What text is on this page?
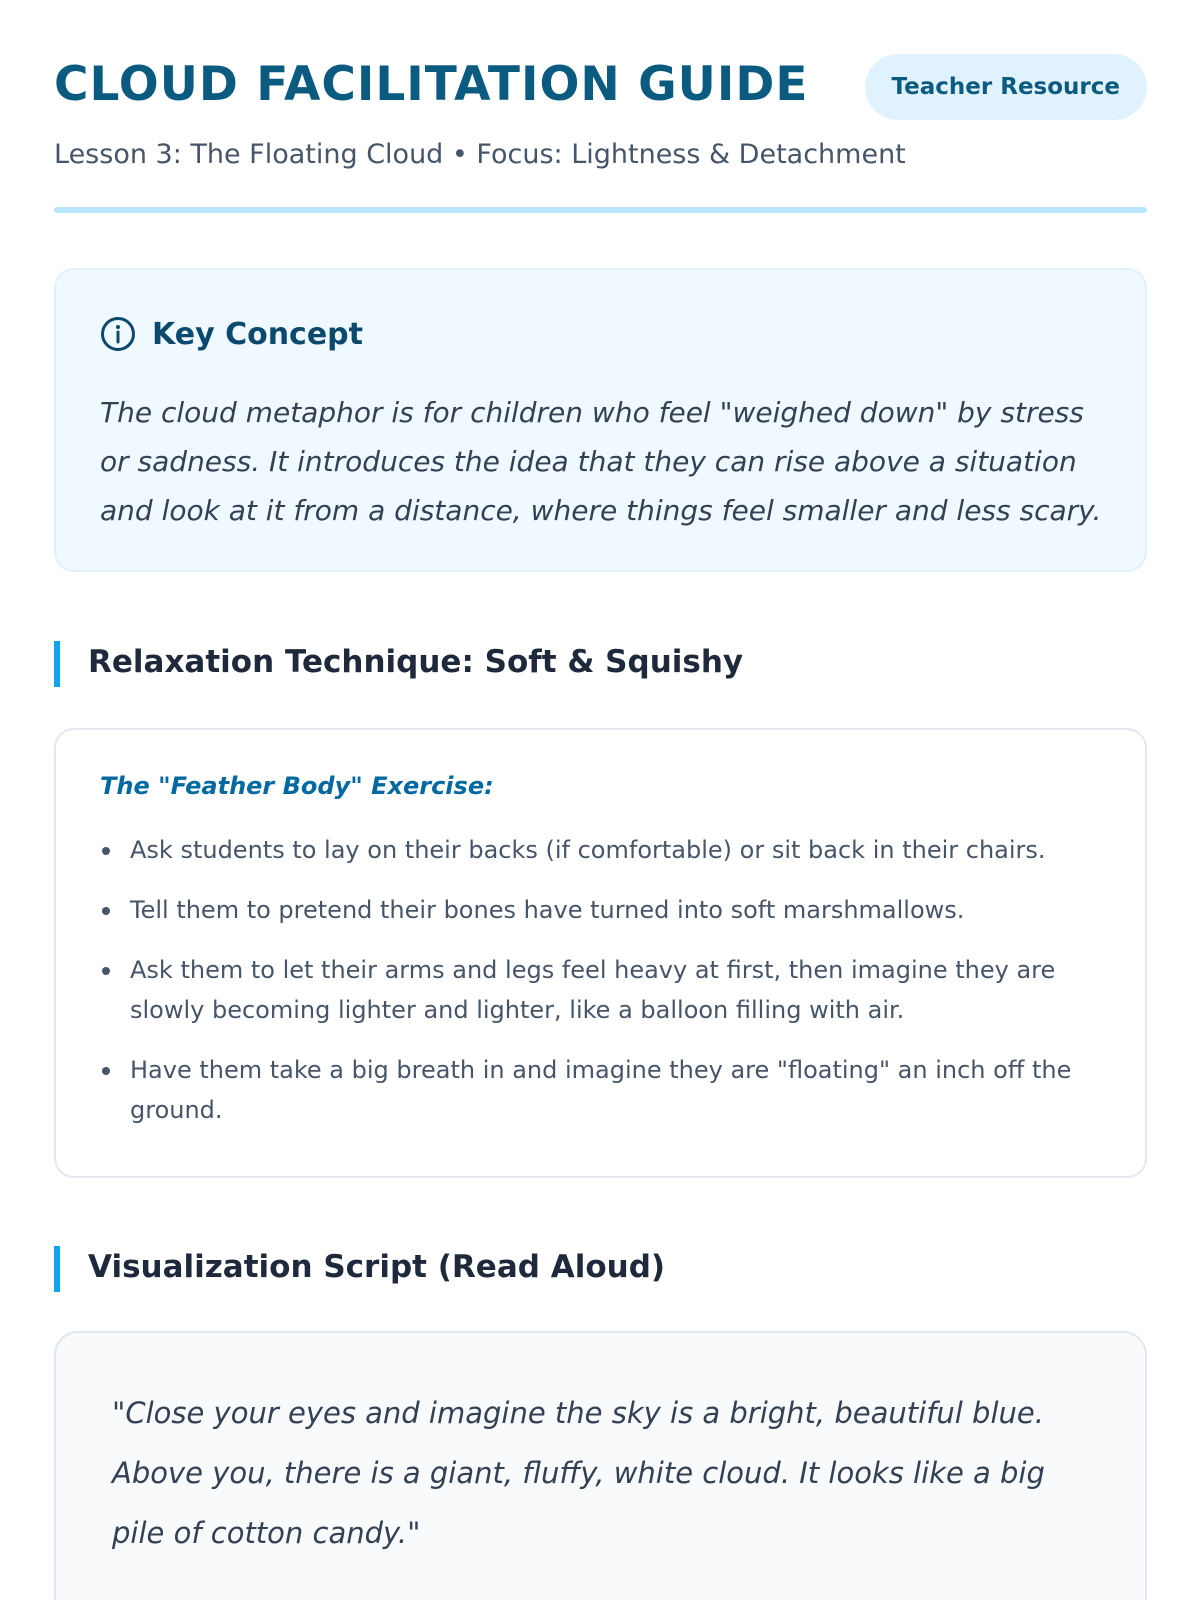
CLOUD FACILITATION GUIDE	Teacher Resource
Lesson 3: The Floating Cloud • Focus: Lightness & Detachment
Key Concept
The cloud metaphor is for children who feel "weighed down" by stress or sadness. It introduces the idea that they can rise above a situation and look at it from a distance, where things feel smaller and less scary.
Relaxation Technique: Soft & Squishy
The "Feather Body" Exercise:
Ask students to lay on their backs (if comfortable) or sit back in their chairs.
Tell them to pretend their bones have turned into soft marshmallows.
Ask them to let their arms and legs feel heavy at first, then imagine they are slowly becoming lighter and lighter, like a balloon filling with air.
Have them take a big breath in and imagine they are "floating" an inch off the ground.
Visualization Script (Read Aloud)
"Close your eyes and imagine the sky is a bright, beautiful blue. Above you, there is a giant, fluffy, white cloud. It looks like a big pile of cotton candy."
